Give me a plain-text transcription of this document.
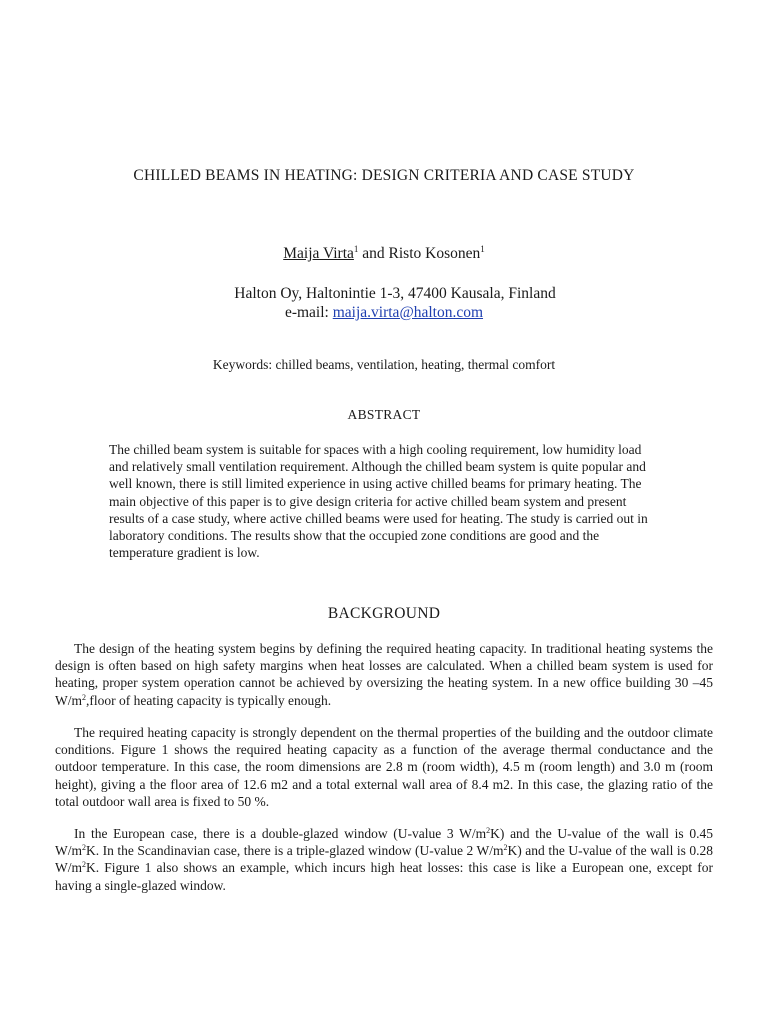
CHILLED BEAMS IN HEATING: DESIGN CRITERIA AND CASE STUDY
Maija Virta$^1$ and Risto Kosonen$^1$
Halton Oy, Haltonintie 1-3, 47400 Kausala, Finland
e-mail: maija.virta@halton.com
Keywords: chilled beams, ventilation, heating, thermal comfort
ABSTRACT

The chilled beam system is suitable for spaces with a high cooling requirement, low humidity load and relatively small ventilation requirement. Although the chilled beam system is quite popular and well known, there is still limited experience in using active chilled beams for primary heating. The main objective of this paper is to give design criteria for active chilled beam system and present results of a case study, where active chilled beams were used for heating. The study is carried out in laboratory conditions. The results show that the occupied zone conditions are good and the temperature gradient is low.

BACKGROUND

The design of the heating system begins by defining the required heating capacity. In traditional heating systems the design is often based on high safety margins when heat losses are calculated. When a chilled beam system is used for heating, proper system operation cannot be achieved by oversizing the heating system. In a new office building 30 –45 $W/m^2,floor$ of heating capacity is typically enough.

The required heating capacity is strongly dependent on the thermal properties of the building and the outdoor climate conditions. Figure 1 shows the required heating capacity as a function of the average thermal conductance and the outdoor temperature. In this case, the room dimensions are 2.8 m (room width), 4.5 m (room length) and 3.0 m (room height), giving a the floor area of 12.6 m2 and a total external wall area of 8.4 m2. In this case, the glazing ratio of the total outdoor wall area is fixed to 50 %.

In the European case, there is a double-glazed window (U-value 3 $W/m^2K$) and the U-value of the wall is 0.45 $W/m^2K$. In the Scandinavian case, there is a triple-glazed window (U-value 2 $W/m^2K$) and the U-value of the wall is 0.28 $W/m^2K$. Figure 1 also shows an example, which incurs high heat losses: this case is like a European one, except for having a single-glazed window.
